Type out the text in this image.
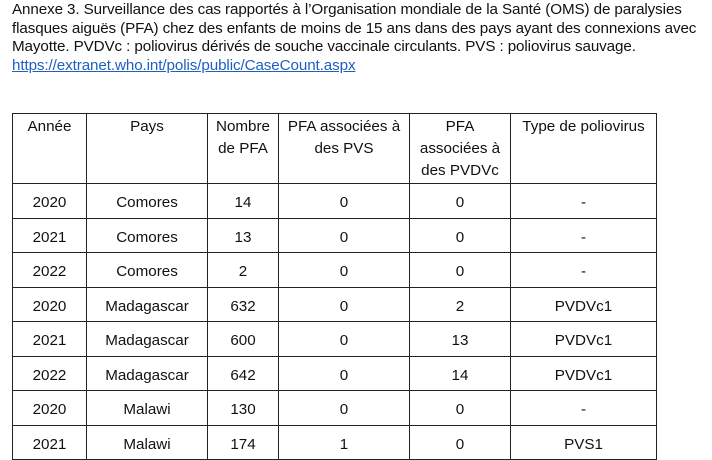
Annexe 3. Surveillance des cas rapportés à l’Organisation mondiale de la Santé (OMS) de paralysies flasques aiguës (PFA) chez des enfants de moins de 15 ans dans des pays ayant des connexions avec Mayotte. PVDVc : poliovirus dérivés de souche vaccinale circulants. PVS : poliovirus sauvage. https://extranet.who.int/polis/public/CaseCount.aspx
Année	Pays	Nombre de PFA	PFA associées à des PVS	PFA associées à des PVDVc	Type de poliovirus
2020	Comores	14	0	0	-
2021	Comores	13	0	0	-
2022	Comores	2	0	0	-
2020	Madagascar	632	0	2	PVDVc1
2021	Madagascar	600	0	13	PVDVc1
2022	Madagascar	642	0	14	PVDVc1
2020	Malawi	130	0	0	-
2021	Malawi	174	1	0	PVS1
